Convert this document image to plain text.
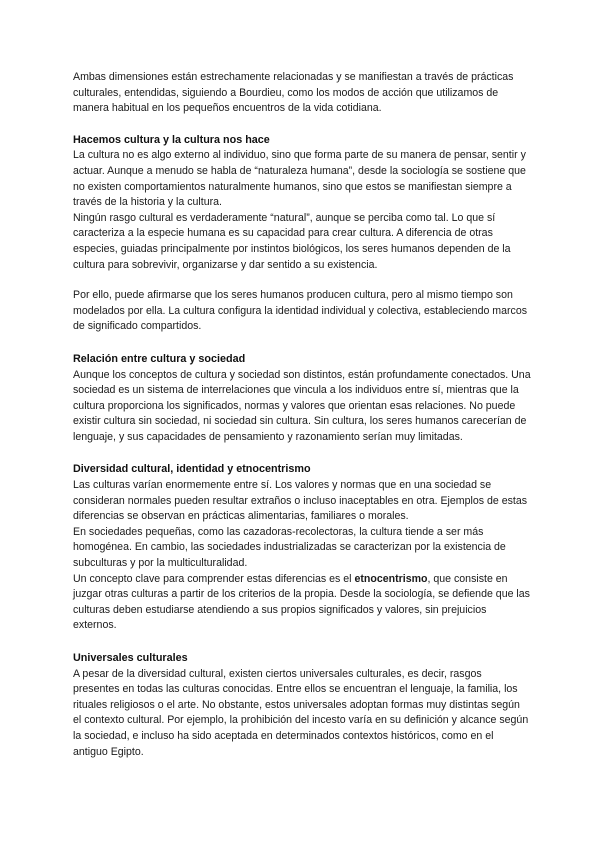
Ambas dimensiones están estrechamente relacionadas y se manifiestan a través de prácticas culturales, entendidas, siguiendo a Bourdieu, como los modos de acción que utilizamos de manera habitual en los pequeños encuentros de la vida cotidiana.

Hacemos cultura y la cultura nos hace

La cultura no es algo externo al individuo, sino que forma parte de su manera de pensar, sentir y actuar. Aunque a menudo se habla de “naturaleza humana”, desde la sociología se sostiene que no existen comportamientos naturalmente humanos, sino que estos se manifiestan siempre a través de la historia y la cultura.

Ningún rasgo cultural es verdaderamente “natural”, aunque se perciba como tal. Lo que sí caracteriza a la especie humana es su capacidad para crear cultura. A diferencia de otras especies, guiadas principalmente por instintos biológicos, los seres humanos dependen de la cultura para sobrevivir, organizarse y dar sentido a su existencia.

Por ello, puede afirmarse que los seres humanos producen cultura, pero al mismo tiempo son modelados por ella. La cultura configura la identidad individual y colectiva, estableciendo marcos de significado compartidos.

Relación entre cultura y sociedad

Aunque los conceptos de cultura y sociedad son distintos, están profundamente conectados. Una sociedad es un sistema de interrelaciones que vincula a los individuos entre sí, mientras que la cultura proporciona los significados, normas y valores que orientan esas relaciones. No puede existir cultura sin sociedad, ni sociedad sin cultura. Sin cultura, los seres humanos carecerían de lenguaje, y sus capacidades de pensamiento y razonamiento serían muy limitadas.

Diversidad cultural, identidad y etnocentrismo

Las culturas varían enormemente entre sí. Los valores y normas que en una sociedad se consideran normales pueden resultar extraños o incluso inaceptables en otra. Ejemplos de estas diferencias se observan en prácticas alimentarias, familiares o morales.

En sociedades pequeñas, como las cazadoras-recolectoras, la cultura tiende a ser más homogénea. En cambio, las sociedades industrializadas se caracterizan por la existencia de subculturas y por la multiculturalidad.

Un concepto clave para comprender estas diferencias es el etnocentrismo, que consiste en juzgar otras culturas a partir de los criterios de la propia. Desde la sociología, se defiende que las culturas deben estudiarse atendiendo a sus propios significados y valores, sin prejuicios externos.

Universales culturales

A pesar de la diversidad cultural, existen ciertos universales culturales, es decir, rasgos presentes en todas las culturas conocidas. Entre ellos se encuentran el lenguaje, la familia, los rituales religiosos o el arte. No obstante, estos universales adoptan formas muy distintas según el contexto cultural. Por ejemplo, la prohibición del incesto varía en su definición y alcance según la sociedad, e incluso ha sido aceptada en determinados contextos históricos, como en el antiguo Egipto.
